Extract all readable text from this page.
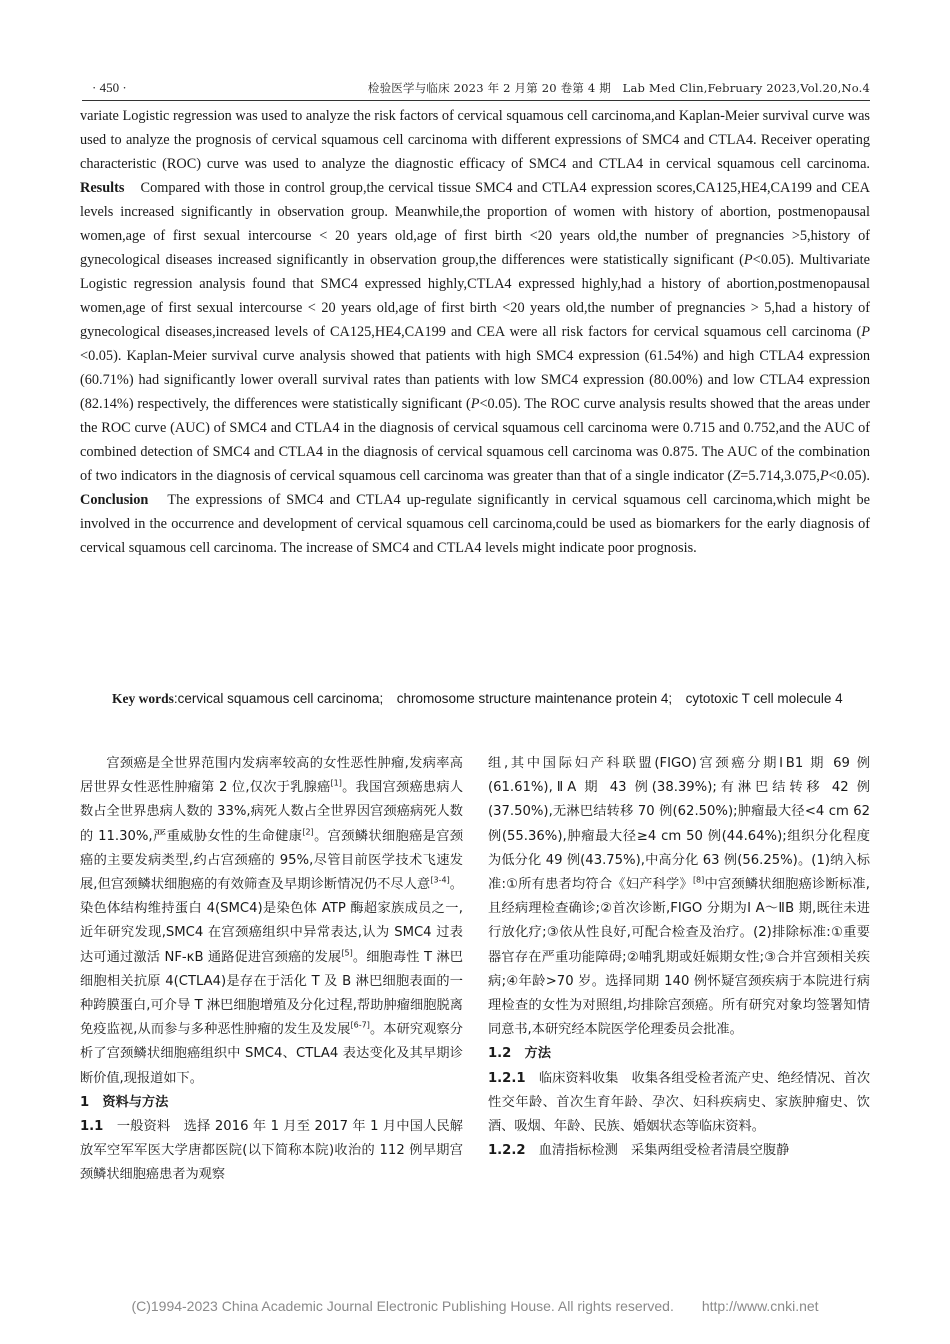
· 450 ·	检验医学与临床 2023 年 2 月第 20 卷第 4 期　Lab Med Clin,February 2023,Vol.20,No.4

variate Logistic regression was used to analyze the risk factors of cervical squamous cell carcinoma,and Kaplan-Meier survival curve was used to analyze the prognosis of cervical squamous cell carcinoma with different expressions of SMC4 and CTLA4. Receiver operating characteristic (ROC) curve was used to analyze the diagnostic efficacy of SMC4 and CTLA4 in cervical squamous cell carcinoma. Results　Compared with those in control group,the cervical tissue SMC4 and CTLA4 expression scores,CA125,HE4,CA199 and CEA levels increased significantly in observation group. Meanwhile,the proportion of women with history of abortion, postmenopausal women,age of first sexual intercourse < 20 years old,age of first birth <20 years old,the number of pregnancies >5,history of gynecological diseases increased significantly in observation group,the differences were statistically significant (P<0.05). Multivariate Logistic regression analysis found that SMC4 expressed highly,CTLA4 expressed highly,had a history of abortion,postmenopausal women,age of first sexual intercourse < 20 years old,age of first birth <20 years old,the number of pregnancies > 5,had a history of gynecological diseases,increased levels of CA125,HE4,CA199 and CEA were all risk factors for cervical squamous cell carcinoma (P <0.05). Kaplan-Meier survival curve analysis showed that patients with high SMC4 expression (61.54%) and high CTLA4 expression (60.71%) had significantly lower overall survival rates than patients with low SMC4 expression (80.00%) and low CTLA4 expression (82.14%) respectively, the differences were statistically significant (P<0.05). The ROC curve analysis results showed that the areas under the ROC curve (AUC) of SMC4 and CTLA4 in the diagnosis of cervical squamous cell carcinoma were 0.715 and 0.752,and the AUC of combined detection of SMC4 and CTLA4 in the diagnosis of cervical squamous cell carcinoma was 0.875. The AUC of the combination of two indicators in the diagnosis of cervical squamous cell carcinoma was greater than that of a single indicator (Z=5.714,3.075,P<0.05). Conclusion　The expressions of SMC4 and CTLA4 up-regulate significantly in cervical squamous cell carcinoma,which might be involved in the occurrence and development of cervical squamous cell carcinoma,could be used as biomarkers for the early diagnosis of cervical squamous cell carcinoma. The increase of SMC4 and CTLA4 levels might indicate poor prognosis.

Key words:cervical squamous cell carcinoma;　chromosome structure maintenance protein 4;　cytotoxic T cell molecule 4

宫颈癌是全世界范围内发病率较高的女性恶性肿瘤,发病率高居世界女性恶性肿瘤第 2 位,仅次于乳腺癌[1]。我国宫颈癌患病人数占全世界患病人数的 33%,病死人数占全世界因宫颈癌病死人数的 11.30%,严重威胁女性的生命健康[2]。宫颈鳞状细胞癌是宫颈癌的主要发病类型,约占宫颈癌的 95%,尽管目前医学技术飞速发展,但宫颈鳞状细胞癌的有效筛查及早期诊断情况仍不尽人意[3-4]。染色体结构维持蛋白 4(SMC4)是染色体 ATP 酶超家族成员之一,近年研究发现,SMC4 在宫颈癌组织中异常表达,认为 SMC4 过表达可通过激活 NF-κB 通路促进宫颈癌的发展[5]。细胞毒性 T 淋巴细胞相关抗原 4(CTLA4)是存在于活化 T 及 B 淋巴细胞表面的一种跨膜蛋白,可介导 T 淋巴细胞增殖及分化过程,帮助肿瘤细胞脱离免疫监视,从而参与多种恶性肿瘤的发生及发展[6-7]。本研究观察分析了宫颈鳞状细胞癌组织中 SMC4、CTLA4 表达变化及其早期诊断价值,现报道如下。

1　资料与方法

1.1　一般资料　选择 2016 年 1 月至 2017 年 1 月中国人民解放军空军军医大学唐都医院(以下简称本院)收治的 112 例早期宫颈鳞状细胞癌患者为观察

组,其中国际妇产科联盟(FIGO)宫颈癌分期ⅠB1 期 69 例(61.61%),ⅡA 期 43 例(38.39%);有淋巴结转移 42 例(37.50%),无淋巴结转移 70 例(62.50%);肿瘤最大径<4 cm 62 例(55.36%),肿瘤最大径≥4 cm 50 例(44.64%);组织分化程度为低分化 49 例(43.75%),中高分化 63 例(56.25%)。(1)纳入标准:①所有患者均符合《妇产科学》[8]中宫颈鳞状细胞癌诊断标准,且经病理检查确诊;②首次诊断,FIGO 分期为Ⅰ A～ⅡB 期,既往未进行放化疗;③依从性良好,可配合检查及治疗。(2)排除标准:①重要器官存在严重功能障碍;②哺乳期或妊娠期女性;③合并宫颈相关疾病;④年龄>70 岁。选择同期 140 例怀疑宫颈疾病于本院进行病理检查的女性为对照组,均排除宫颈癌。所有研究对象均签署知情同意书,本研究经本院医学伦理委员会批准。

1.2　方法

1.2.1　临床资料收集　收集各组受检者流产史、绝经情况、首次性交年龄、首次生育年龄、孕次、妇科疾病史、家族肿瘤史、饮酒、吸烟、年龄、民族、婚姻状态等临床资料。

1.2.2　血清指标检测　采集两组受检者清晨空腹静

(C)1994-2023 China Academic Journal Electronic Publishing House. All rights reserved.　　http://www.cnki.net
